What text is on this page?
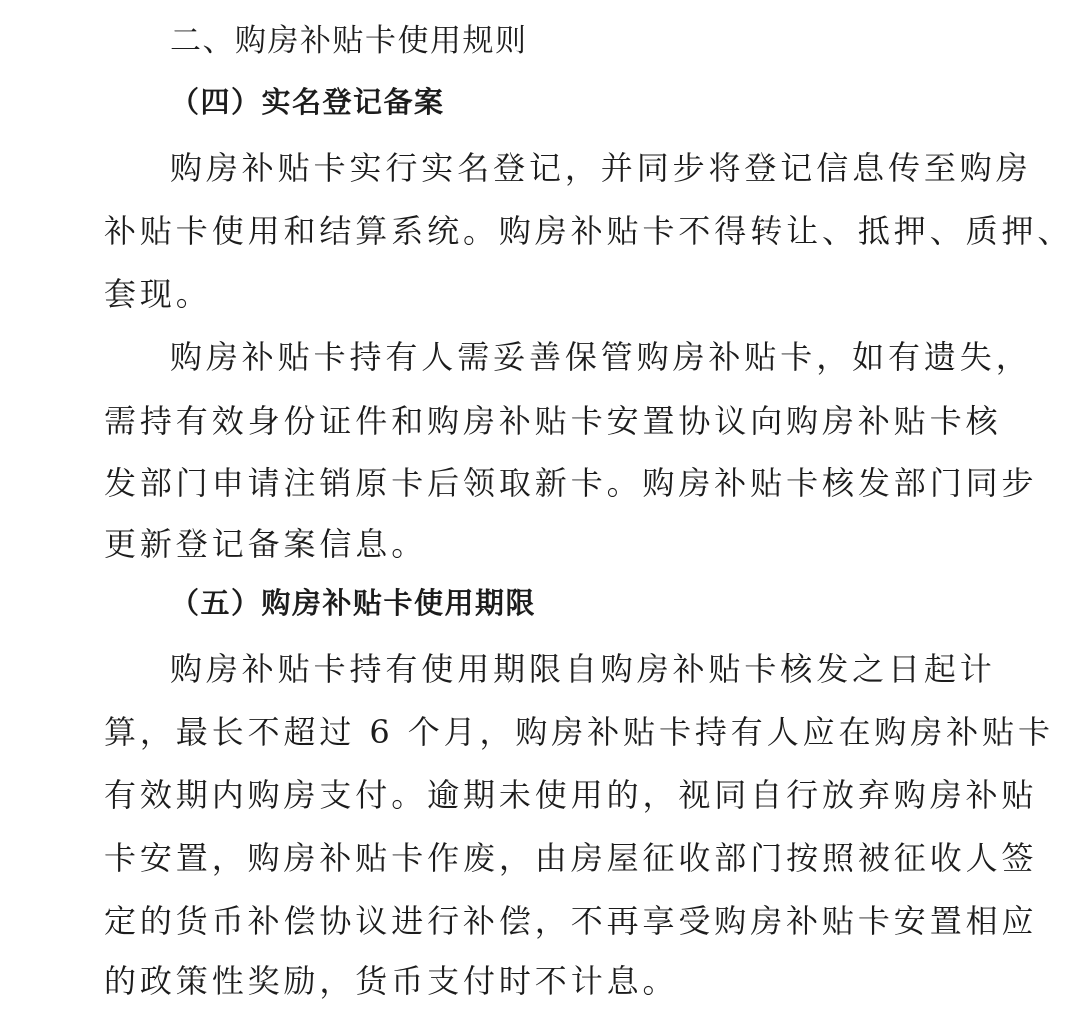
二、购房补贴卡使用规则
（四）实名登记备案
购房补贴卡实行实名登记，并同步将登记信息传至购房
补贴卡使用和结算系统。购房补贴卡不得转让、抵押、质押、
套现。
购房补贴卡持有人需妥善保管购房补贴卡，如有遗失，
需持有效身份证件和购房补贴卡安置协议向购房补贴卡核
发部门申请注销原卡后领取新卡。购房补贴卡核发部门同步
更新登记备案信息。
（五）购房补贴卡使用期限
购房补贴卡持有使用期限自购房补贴卡核发之日起计
算，最长不超过 6 个月，购房补贴卡持有人应在购房补贴卡
有效期内购房支付。逾期未使用的，视同自行放弃购房补贴
卡安置，购房补贴卡作废，由房屋征收部门按照被征收人签
定的货币补偿协议进行补偿，不再享受购房补贴卡安置相应
的政策性奖励，货币支付时不计息。
